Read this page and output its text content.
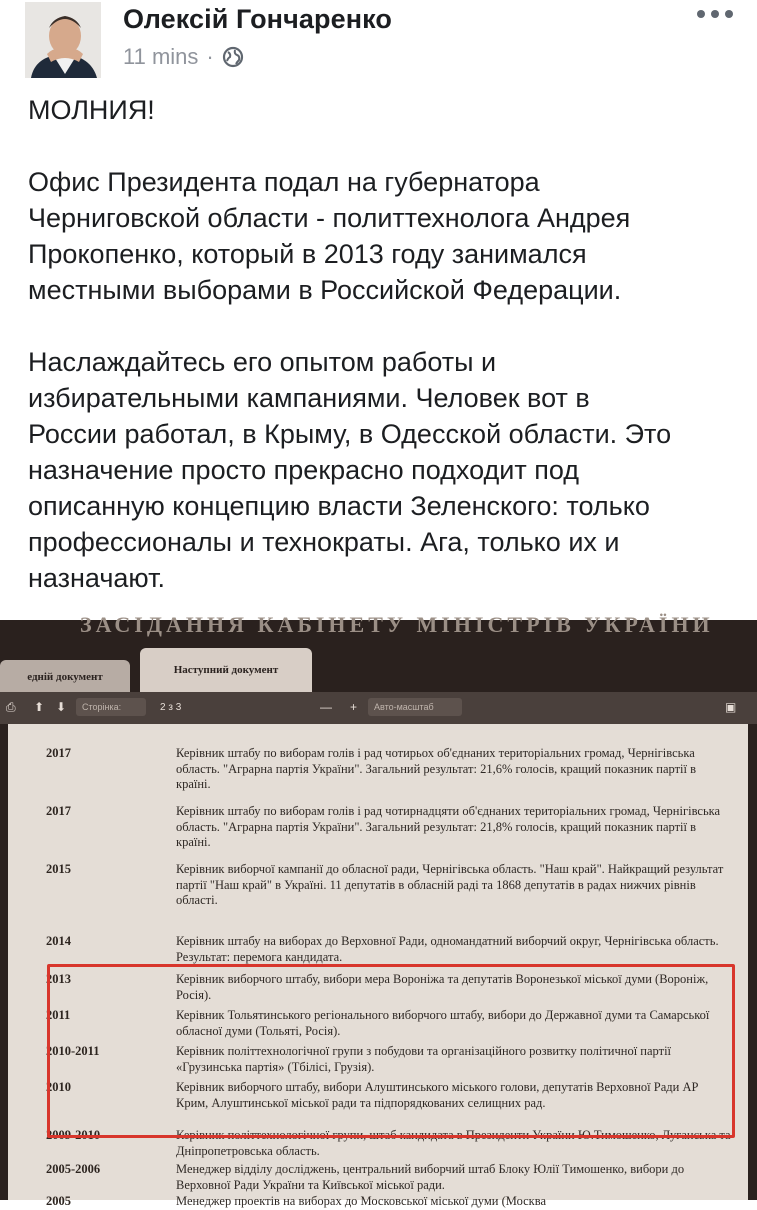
Олексій Гончаренко
11 mins ·

МОЛНИЯ!

Офис Президента подал на губернатора
Черниговской области - политтехнолога Андрея
Прокопенко, который в 2013 году занимался
местными выборами в Российской Федерации.

Наслаждайтесь его опытом работы и
избирательными кампаниями. Человек вот в
России работал, в Крыму, в Одесской области. Это
назначение просто прекрасно подходит под
описанную концепцию власти Зеленского: только
профессионалы и технократы. Ага, только их и
назначают.

ЗАСІДАННЯ КАБІНЕТУ МІНІСТРІВ УКРАЇНИ
едній документ
Наступний документ
⎙ ⬆ ⬇	Сторінка:	2 з 3	— +	Авто-масштаб	▣
2017	Керівник штабу по виборам голів і рад чотирьох об'єднаних територіальних громад, Чернігівська область. "Аграрна партія України". Загальний результат: 21,6% голосів, кращий показник партії в країні.
2017	Керівник штабу по виборам голів і рад чотирнадцяти об'єднаних територіальних громад, Чернігівська область. "Аграрна партія України". Загальний результат: 21,8% голосів, кращий показник партії в країні.
2015	Керівник виборчої кампанії до обласної ради, Чернігівська область. "Наш край". Найкращий результат партії "Наш край" в Україні. 11 депутатів в обласній раді та 1868 депутатів в радах нижчих рівнів області.
2014	Керівник штабу на виборах до Верховної Ради, одномандатний виборчий округ, Чернігівська область. Результат: перемога кандидата.
2013	Керівник виборчого штабу, вибори мера Вороніжа та депутатів Воронезької міської думи (Вороніж, Росія).
2011	Керівник Тольятинського регіонального виборчого штабу, вибори до Державної думи та Самарської обласної думи (Тольяті, Росія).
2010-2011	Керівник політтехнологічної групи з побудови та організаційного розвитку політичної партії «Грузинська партія» (Тбілісі, Грузія).
2010	Керівник виборчого штабу, вибори Алуштинського міського голови, депутатів Верховної Ради АР Крим, Алуштинської міської ради та підпорядкованих селищних рад.
2009-2010	Керівник політтехнологічної групи, штаб кандидата в Президенти України Ю.Тимошенко, Луганська та Дніпропетровська область.
2005-2006	Менеджер відділу досліджень, центральний виборчий штаб Блоку Юлії Тимошенко, вибори до Верховної Ради України та Київської міської ради.
2005	Менеджер проектів на виборах до Московської міської думи (Москва
